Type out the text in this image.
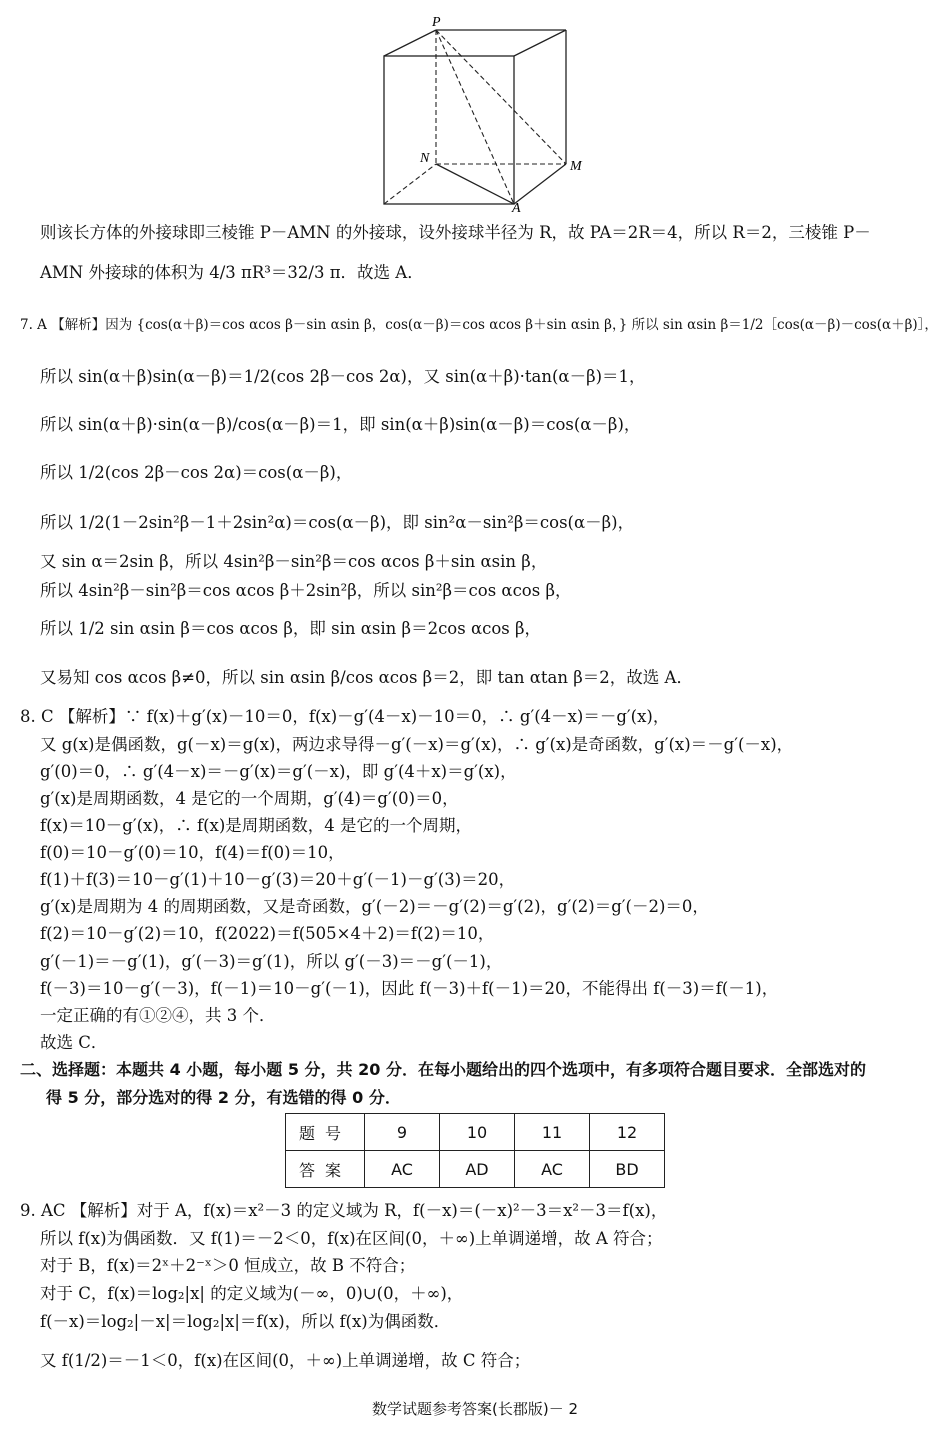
P
N
M
A
则该长方体的外接球即三棱锥 P－AMN 的外接球，设外接球半径为 R，故 PA＝2R＝4，所以 R＝2，三棱锥 P－
AMN 外接球的体积为 4/3 πR³＝32/3 π．故选 A．
7. A 【解析】因为 {cos(α＋β)＝cos αcos β－sin αsin β，cos(α－β)＝cos αcos β＋sin αsin β，} 所以 sin αsin β＝1/2［cos(α－β)－cos(α＋β)］，
所以 sin(α＋β)sin(α－β)＝1/2(cos 2β－cos 2α)，又 sin(α＋β)·tan(α－β)＝1，
所以 sin(α＋β)·sin(α－β)/cos(α－β)＝1，即 sin(α＋β)sin(α－β)＝cos(α－β)，
所以 1/2(cos 2β－cos 2α)＝cos(α－β)，
所以 1/2(1－2sin²β－1＋2sin²α)＝cos(α－β)，即 sin²α－sin²β＝cos(α－β)，
又 sin α＝2sin β，所以 4sin²β－sin²β＝cos αcos β＋sin αsin β，
所以 4sin²β－sin²β＝cos αcos β＋2sin²β，所以 sin²β＝cos αcos β，
所以 1/2 sin αsin β＝cos αcos β，即 sin αsin β＝2cos αcos β，
又易知 cos αcos β≠0，所以 sin αsin β/cos αcos β＝2，即 tan αtan β＝2，故选 A．
8. C 【解析】∵ f(x)＋g′(x)－10＝0，f(x)－g′(4－x)－10＝0，∴ g′(4－x)＝－g′(x)，
又 g(x)是偶函数，g(－x)＝g(x)，两边求导得－g′(－x)＝g′(x)，∴ g′(x)是奇函数，g′(x)＝－g′(－x)，
g′(0)＝0，∴ g′(4－x)＝－g′(x)＝g′(－x)，即 g′(4＋x)＝g′(x)，
g′(x)是周期函数，4 是它的一个周期，g′(4)＝g′(0)＝0，
f(x)＝10－g′(x)，∴ f(x)是周期函数，4 是它的一个周期，
f(0)＝10－g′(0)＝10，f(4)＝f(0)＝10，
f(1)＋f(3)＝10－g′(1)＋10－g′(3)＝20＋g′(－1)－g′(3)＝20，
g′(x)是周期为 4 的周期函数，又是奇函数，g′(－2)＝－g′(2)＝g′(2)，g′(2)＝g′(－2)＝0，
f(2)＝10－g′(2)＝10，f(2022)＝f(505×4＋2)＝f(2)＝10，
g′(－1)＝－g′(1)，g′(－3)＝g′(1)，所以 g′(－3)＝－g′(－1)，
f(－3)＝10－g′(－3)，f(－1)＝10－g′(－1)，因此 f(－3)＋f(－1)＝20，不能得出 f(－3)＝f(－1)，
一定正确的有①②④，共 3 个．
故选 C．
二、选择题：本题共 4 小题，每小题 5 分，共 20 分．在每小题给出的四个选项中，有多项符合题目要求．全部选对的
得 5 分，部分选对的得 2 分，有选错的得 0 分．
题号	9	10	11	12
答案	AC	AD	AC	BD
9. AC 【解析】对于 A，f(x)＝x²－3 的定义域为 R，f(－x)＝(－x)²－3＝x²－3＝f(x)，
所以 f(x)为偶函数．又 f(1)＝－2＜0，f(x)在区间(0，＋∞)上单调递增，故 A 符合；
对于 B，f(x)＝2ˣ＋2⁻ˣ＞0 恒成立，故 B 不符合；
对于 C，f(x)＝log₂|x| 的定义域为(－∞，0)∪(0，＋∞)，
f(－x)＝log₂|－x|＝log₂|x|＝f(x)，所以 f(x)为偶函数．
又 f(1/2)＝－1＜0，f(x)在区间(0，＋∞)上单调递增，故 C 符合；
数学试题参考答案(长郡版)－ 2
